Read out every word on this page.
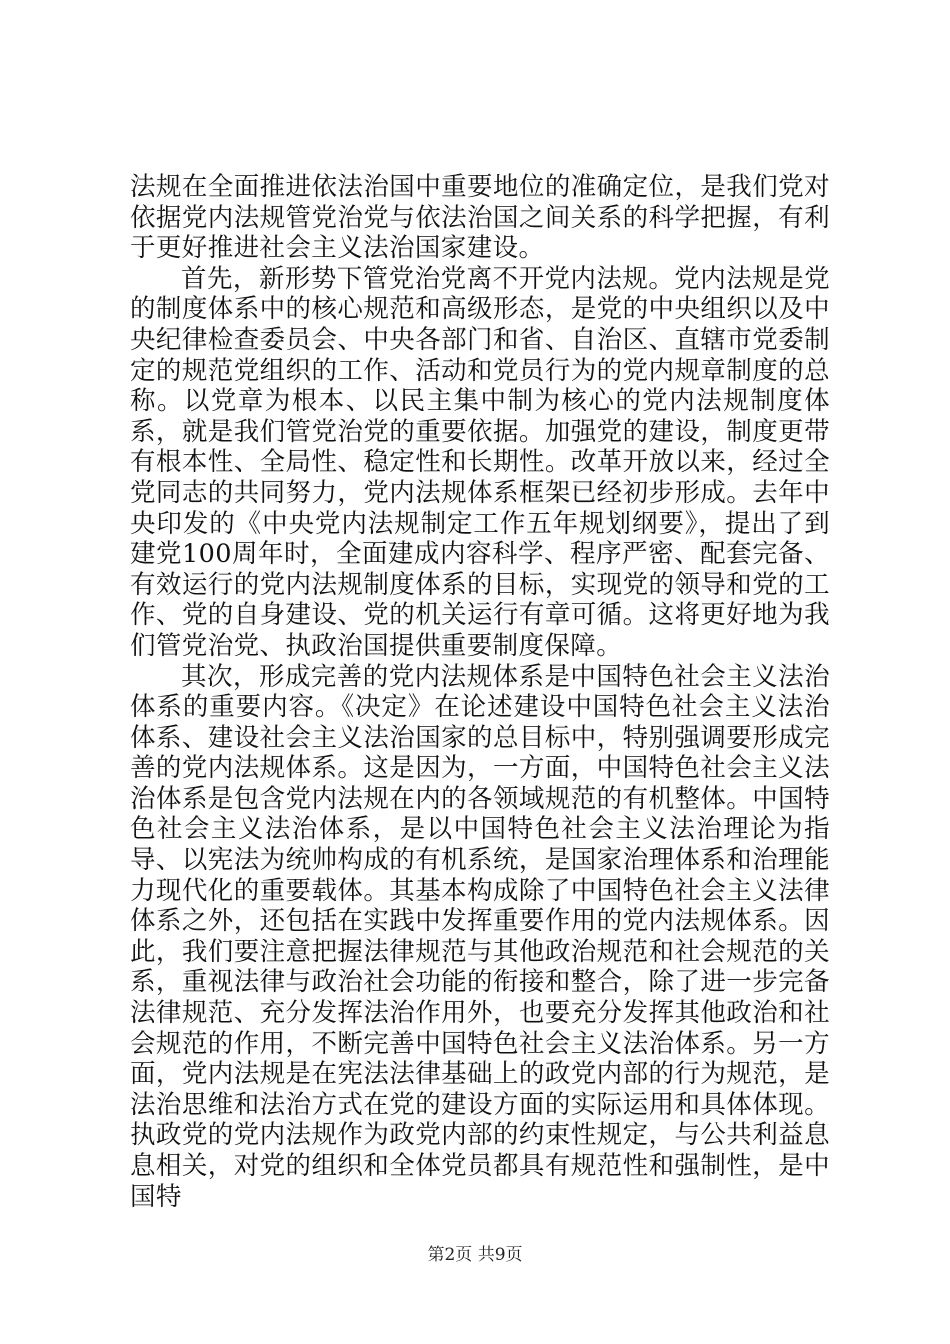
法规在全面推进依法治国中重要地位的准确定位，是我们党对依据党内法规管党治党与依法治国之间关系的科学把握，有利于更好推进社会主义法治国家建设。

首先，新形势下管党治党离不开党内法规。党内法规是党的制度体系中的核心规范和高级形态，是党的中央组织以及中央纪律检查委员会、中央各部门和省、自治区、直辖市党委制定的规范党组织的工作、活动和党员行为的党内规章制度的总称。以党章为根本、以民主集中制为核心的党内法规制度体系，就是我们管党治党的重要依据。加强党的建设，制度更带有根本性、全局性、稳定性和长期性。改革开放以来，经过全党同志的共同努力，党内法规体系框架已经初步形成。去年中央印发的《中央党内法规制定工作五年规划纲要》，提出了到建党100周年时，全面建成内容科学、程序严密、配套完备、有效运行的党内法规制度体系的目标，实现党的领导和党的工作、党的自身建设、党的机关运行有章可循。这将更好地为我们管党治党、执政治国提供重要制度保障。

其次，形成完善的党内法规体系是中国特色社会主义法治体系的重要内容。《决定》在论述建设中国特色社会主义法治体系、建设社会主义法治国家的总目标中，特别强调要形成完善的党内法规体系。这是因为，一方面，中国特色社会主义法治体系是包含党内法规在内的各领域规范的有机整体。中国特色社会主义法治体系，是以中国特色社会主义法治理论为指导、以宪法为统帅构成的有机系统，是国家治理体系和治理能力现代化的重要载体。其基本构成除了中国特色社会主义法律体系之外，还包括在实践中发挥重要作用的党内法规体系。因此，我们要注意把握法律规范与其他政治规范和社会规范的关系，重视法律与政治社会功能的衔接和整合，除了进一步完备法律规范、充分发挥法治作用外，也要充分发挥其他政治和社会规范的作用，不断完善中国特色社会主义法治体系。另一方面，党内法规是在宪法法律基础上的政党内部的行为规范，是法治思维和法治方式在党的建设方面的实际运用和具体体现。执政党的党内法规作为政党内部的约束性规定，与公共利益息息相关，对党的组织和全体党员都具有规范性和强制性，是中国特

第2页 共9页
